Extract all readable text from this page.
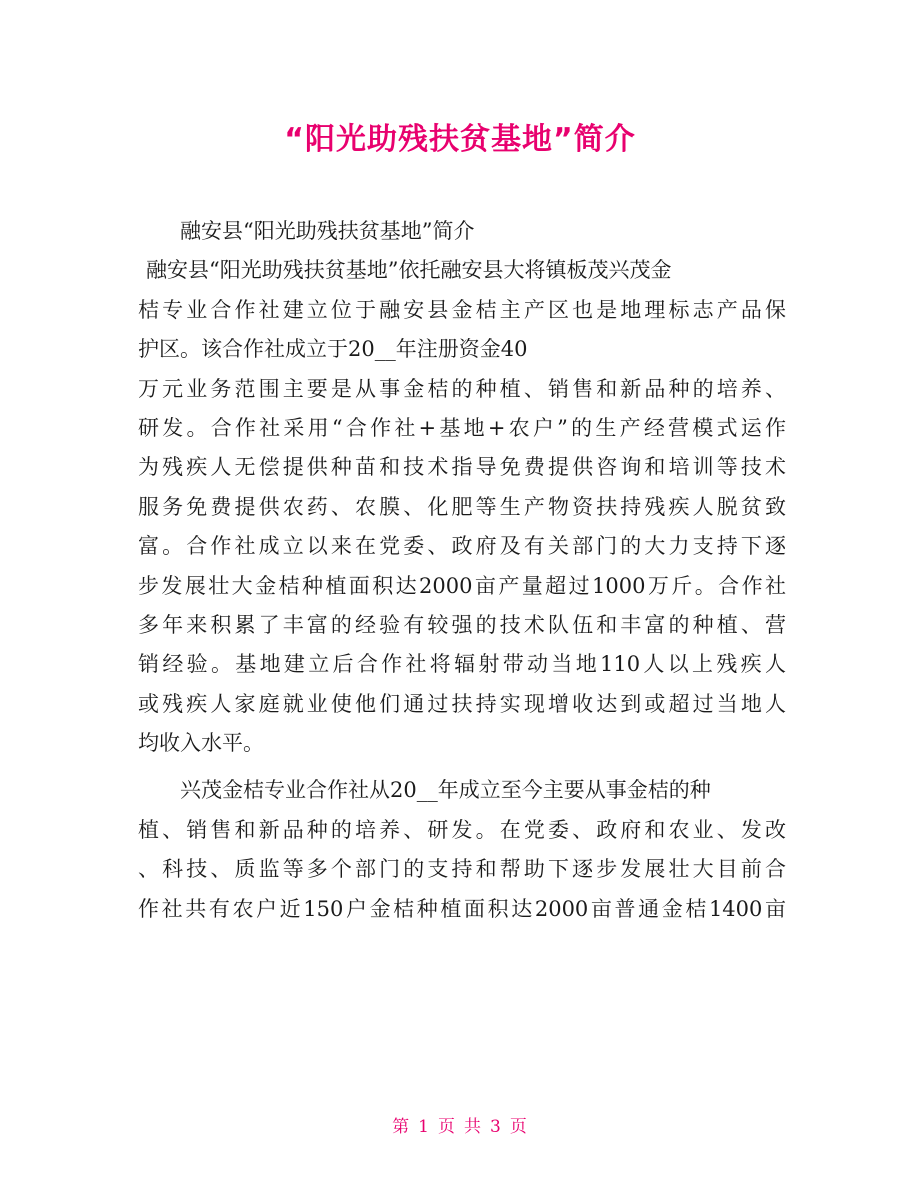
“阳光助残扶贫基地”简介
融安县“阳光助残扶贫基地”简介
融安县“阳光助残扶贫基地”依托融安县大将镇板茂兴茂金
桔专业合作社建立位于融安县金桔主产区也是地理标志产品保
护区。该合作社成立于20__年注册资金40
万元业务范围主要是从事金桔的种植、销售和新品种的培养、
研发。合作社采用“合作社+基地+农户”的生产经营模式运作
为残疾人无偿提供种苗和技术指导免费提供咨询和培训等技术
服务免费提供农药、农膜、化肥等生产物资扶持残疾人脱贫致
富。合作社成立以来在党委、政府及有关部门的大力支持下逐
步发展壮大金桔种植面积达2000亩产量超过1000万斤。合作社
多年来积累了丰富的经验有较强的技术队伍和丰富的种植、营
销经验。基地建立后合作社将辐射带动当地110人以上残疾人
或残疾人家庭就业使他们通过扶持实现增收达到或超过当地人
均收入水平。
兴茂金桔专业合作社从20__年成立至今主要从事金桔的种
植、销售和新品种的培养、研发。在党委、政府和农业、发改
、科技、质监等多个部门的支持和帮助下逐步发展壮大目前合
作社共有农户近150户金桔种植面积达2000亩普通金桔1400亩
第 1 页 共 3 页
